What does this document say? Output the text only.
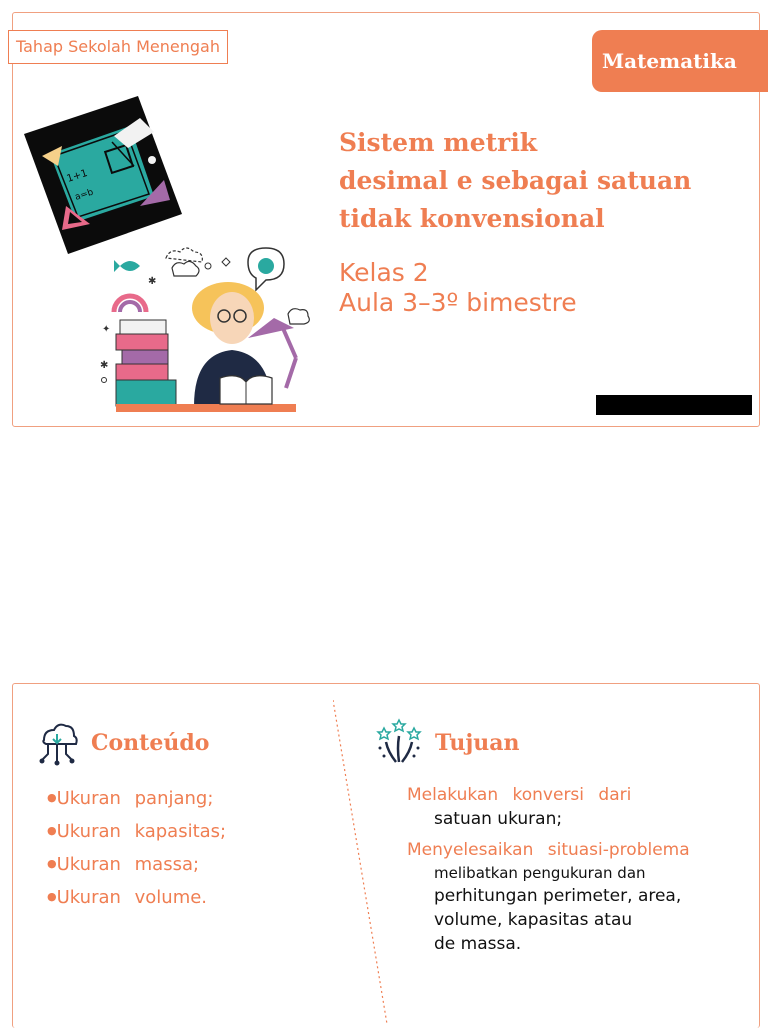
Tahap Sekolah Menengah
Matematika
Sistem metrik
desimal e sebagai satuan
tidak konvensional
Kelas 2
Aula 3–3º bimestre
1+1
a=b
✦
✱
✱
Conteúdo
● Ukuran panjang;
● Ukuran kapasitas;
● Ukuran massa;
● Ukuran volume.
Tujuan
Melakukan konversi dari
satuan ukuran;
Menyelesaikan situasi-problema
melibatkan pengukuran dan
perhitungan perimeter, area,
volume, kapasitas atau
de massa.
